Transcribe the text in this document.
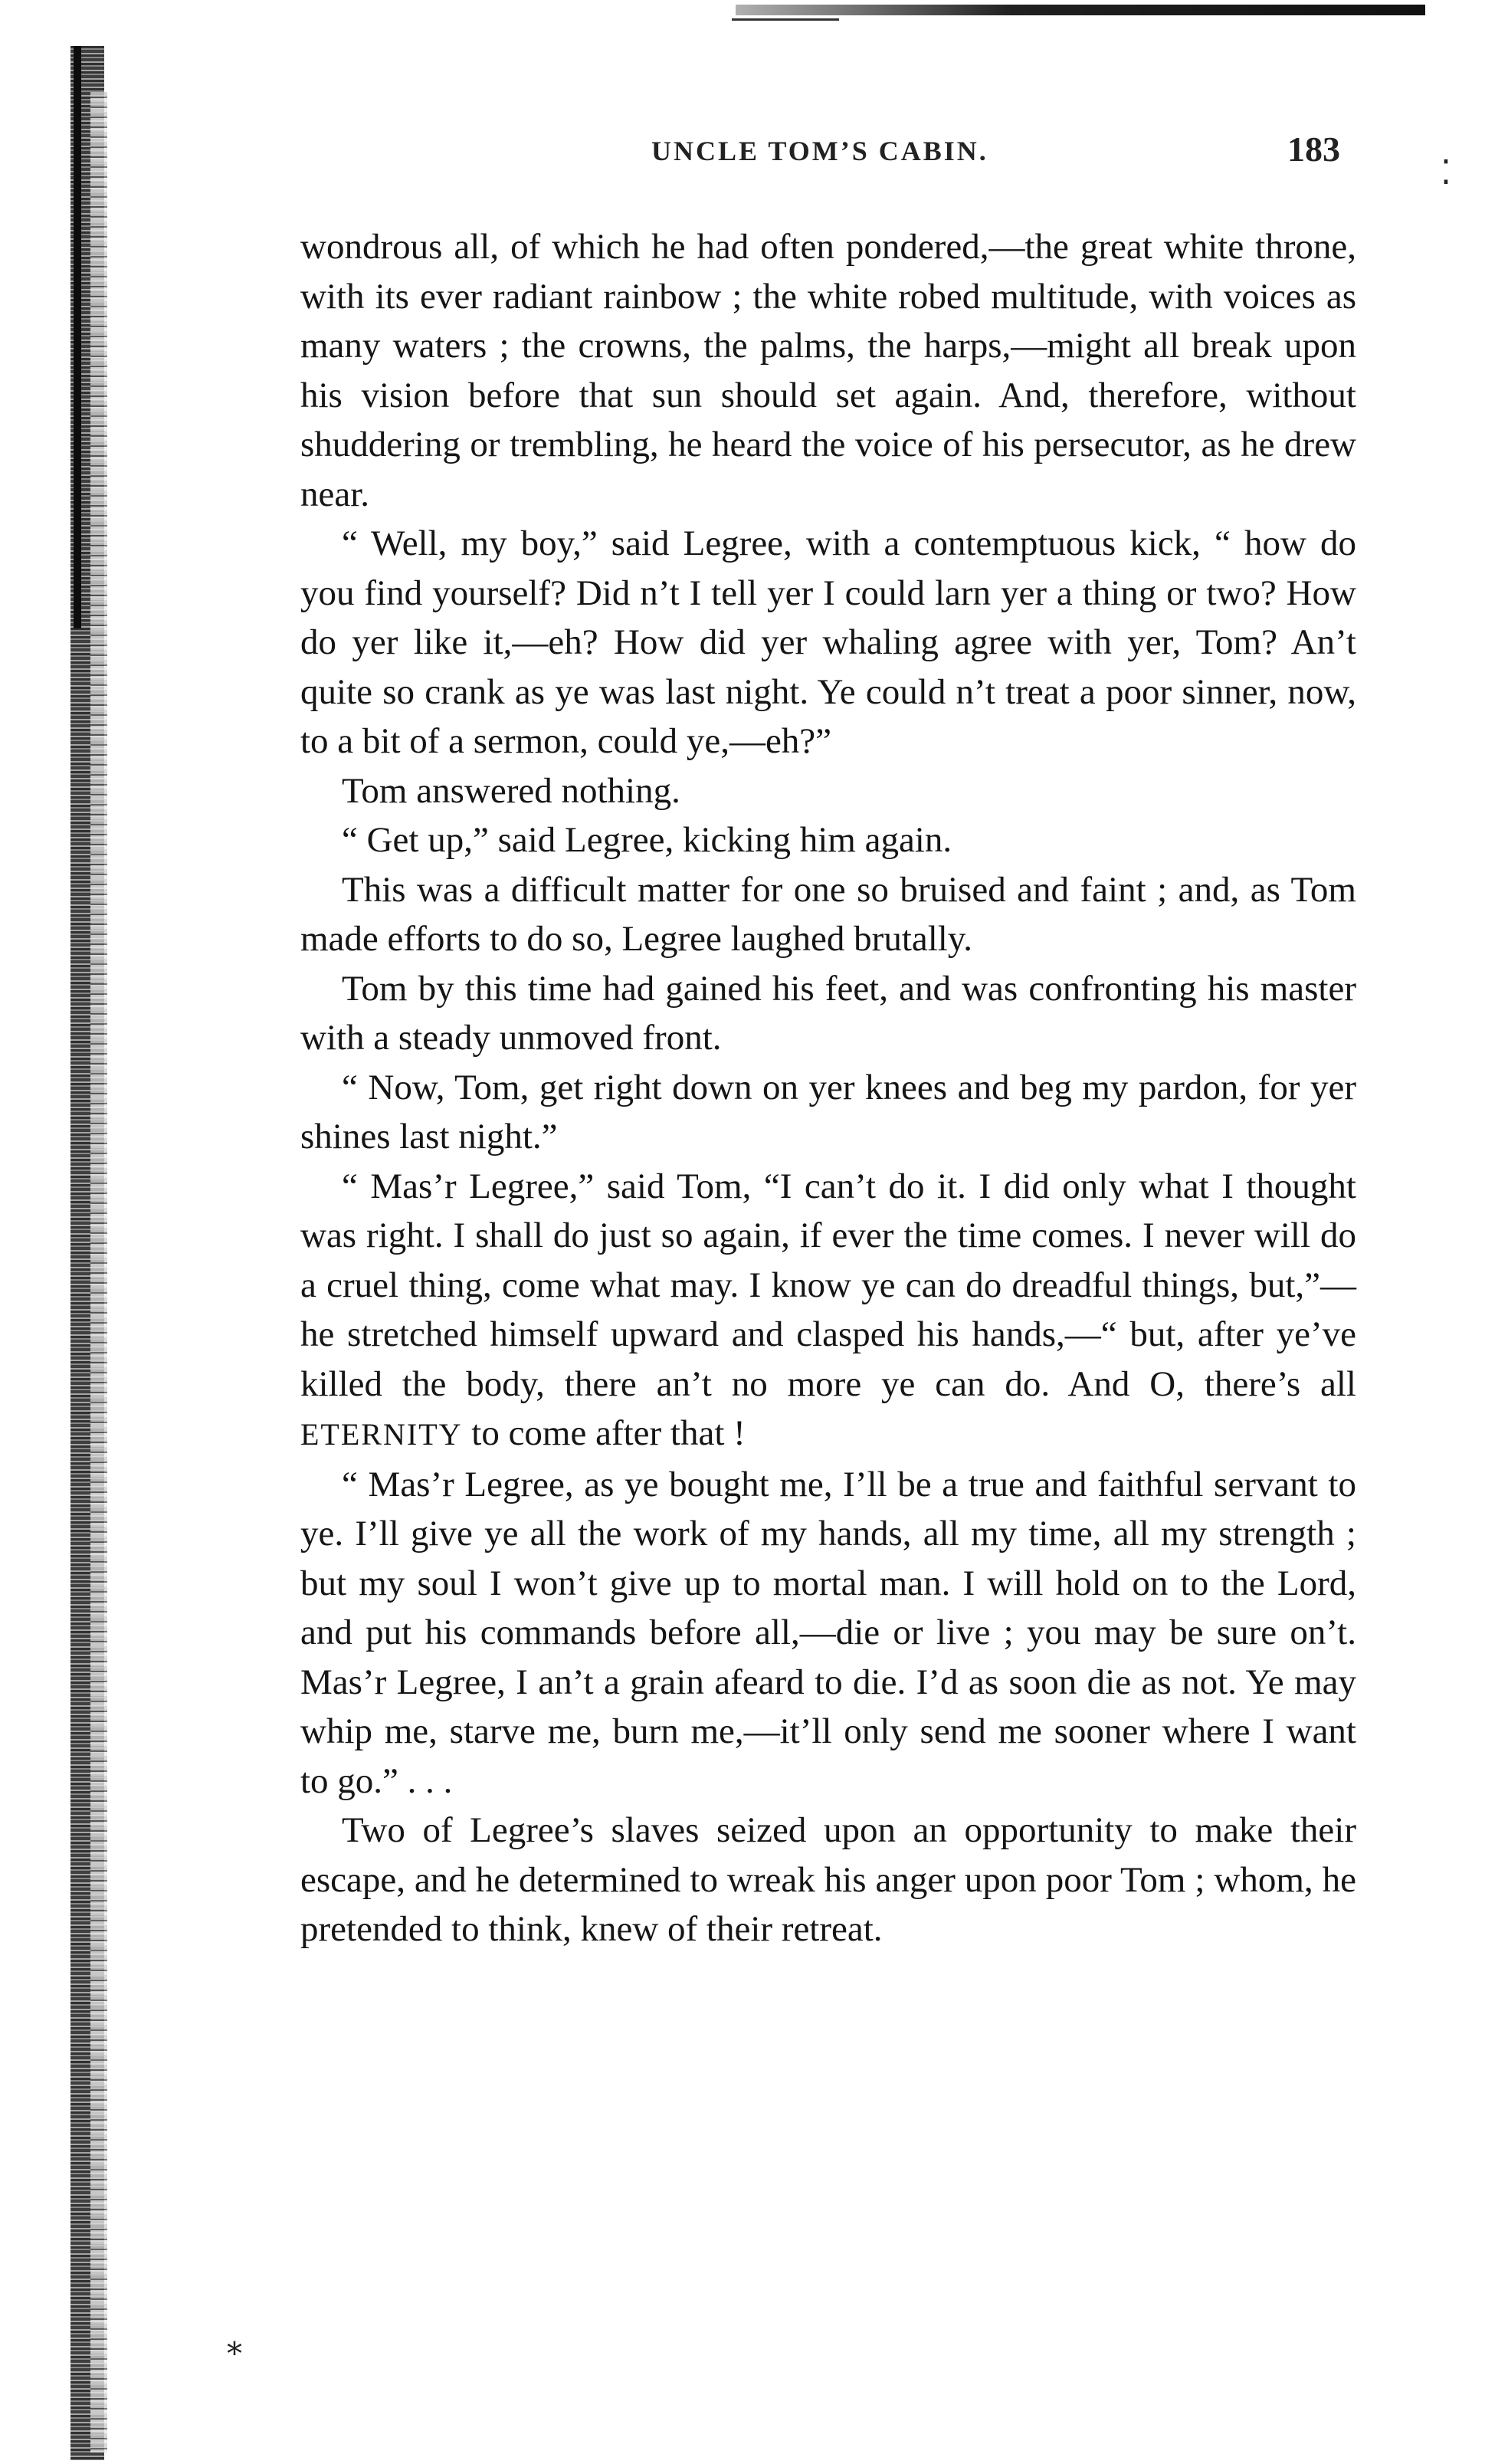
UNCLE TOM’S CABIN.	183
⁚

wondrous all, of which he had often pondered,—the great white throne, with its ever radiant rainbow ; the white robed multitude, with voices as many waters ; the crowns, the palms, the harps,—might all break upon his vision before that sun should set again. And, therefore, without shuddering or trembling, he heard the voice of his persecutor, as he drew near.

“ Well, my boy,” said Legree, with a contemptuous kick, “ how do you find yourself? Did n’t I tell yer I could larn yer a thing or two? How do yer like it,—eh? How did yer whaling agree with yer, Tom? An’t quite so crank as ye was last night. Ye could n’t treat a poor sinner, now, to a bit of a sermon, could ye,—eh?”

Tom answered nothing.

“ Get up,” said Legree, kicking him again.

This was a difficult matter for one so bruised and faint ; and, as Tom made efforts to do so, Legree laughed brutally.

Tom by this time had gained his feet, and was confronting his master with a steady unmoved front.

“ Now, Tom, get right down on yer knees and beg my pardon, for yer shines last night.”

“ Mas’r Legree,” said Tom, “I can’t do it. I did only what I thought was right. I shall do just so again, if ever the time comes. I never will do a cruel thing, come what may. I know ye can do dreadful things, but,”—he stretched himself upward and clasped his hands,—“ but, after ye’ve killed the body, there an’t no more ye can do. And O, there’s all ETERNITY to come after that !

“ Mas’r Legree, as ye bought me, I’ll be a true and faithful servant to ye. I’ll give ye all the work of my hands, all my time, all my strength ; but my soul I won’t give up to mortal man. I will hold on to the Lord, and put his commands before all,—die or live ; you may be sure on’t. Mas’r Legree, I an’t a grain afeard to die. I’d as soon die as not. Ye may whip me, starve me, burn me,—it’ll only send me sooner where I want to go.” . . .

Two of Legree’s slaves seized upon an opportunity to make their escape, and he determined to wreak his anger upon poor Tom ; whom, he pretended to think, knew of their retreat.

⁎
